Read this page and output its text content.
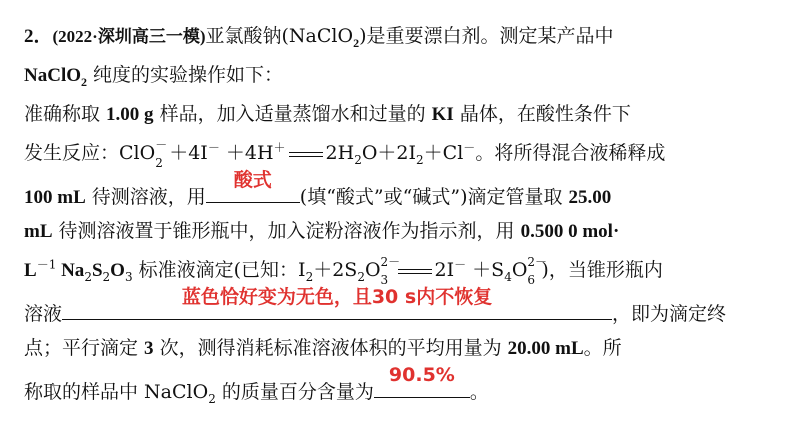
2．(2022·深圳高三一模)亚氯酸钠(NaClO$_2$)是重要漂白剂。测定某产品中
NaClO$_2$ 纯度的实验操作如下：
准确称取 1.00 g 样品，加入适量蒸馏水和过量的 KI 晶体，在酸性条件下
发生反应：ClO －
2 ＋4I－ ＋4H＋ $2H_2O+2I_2+Cl^-$。将所得混合液稀释成
100 mL 待测溶液，用
酸式
(填“酸式”或“碱式”)滴定管量取 25.00
mL 待测溶液置于锥形瓶中，加入淀粉溶液作为指示剂，用 0.500 0 mol·
$L^{-1}$ $Na_2S_2O_3$ 标准液滴定(已知：$I_2+2S_2O$ 2－
3 $2I^- +S_4O$ 2－
6 )，当锥形瓶内
溶液
蓝色恰好变为无色，且30 s内不恢复
，即为滴定终
点；平行滴定 3 次，测得消耗标准溶液体积的平均用量为 20.00 mL。所
称取的样品中 NaClO$_2$ 的质量百分含量为
90.5%
。
